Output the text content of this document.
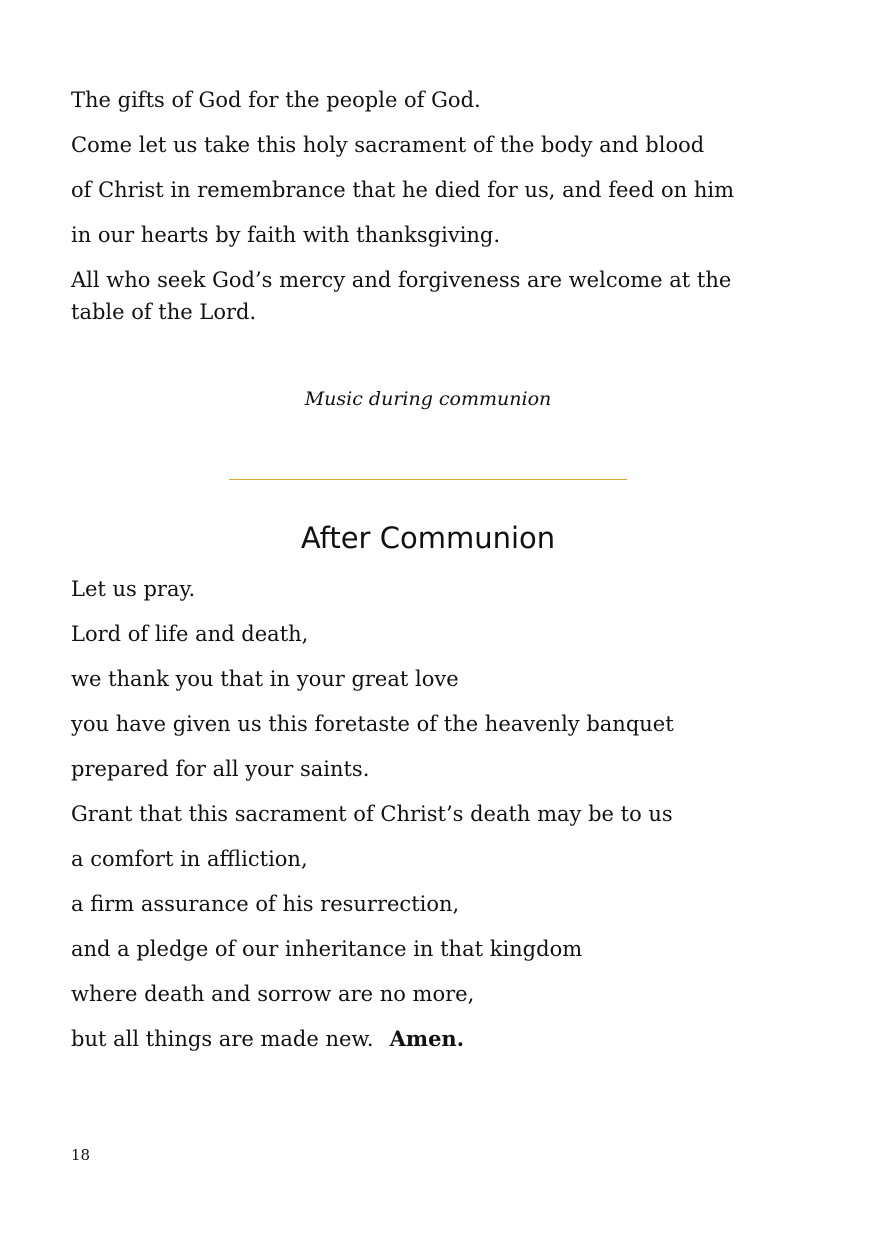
The gifts of God for the people of God.
Come let us take this holy sacrament of the body and blood
of Christ in remembrance that he died for us, and feed on him
in our hearts by faith with thanksgiving.
All who seek God’s mercy and forgiveness are welcome at the
table of the Lord.
Music during communion
After Communion
Let us pray.
Lord of life and death,
we thank you that in your great love
you have given us this foretaste of the heavenly banquet
prepared for all your saints.
Grant that this sacrament of Christ’s death may be to us
a comfort in affliction,
a firm assurance of his resurrection,
and a pledge of our inheritance in that kingdom
where death and sorrow are no more,
but all things are made new. Amen.
18
